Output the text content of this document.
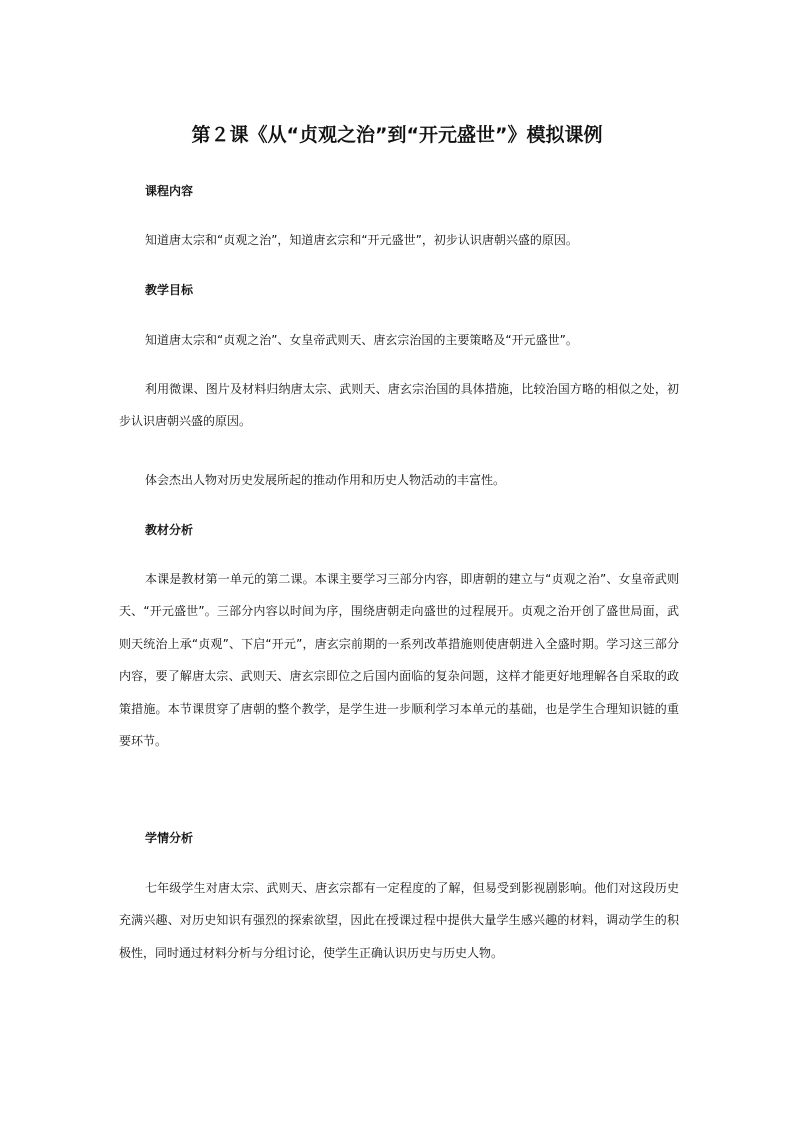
第２课《从“贞观之治”到“开元盛世”》模拟课例
课程内容
知道唐太宗和“贞观之治”，知道唐玄宗和“开元盛世”，初步认识唐朝兴盛的原因。
教学目标
知道唐太宗和“贞观之治”、女皇帝武则天、唐玄宗治国的主要策略及“开元盛世”。
利用微课、图片及材料归纳唐太宗、武则天、唐玄宗治国的具体措施，比较治国方略的相似之处，初步认识唐朝兴盛的原因。
体会杰出人物对历史发展所起的推动作用和历史人物活动的丰富性。
教材分析
本课是教材第一单元的第二课。本课主要学习三部分内容，即唐朝的建立与“贞观之治”、女皇帝武则天、“开元盛世”。三部分内容以时间为序，围绕唐朝走向盛世的过程展开。贞观之治开创了盛世局面，武则天统治上承“贞观”、下启“开元”，唐玄宗前期的一系列改革措施则使唐朝进入全盛时期。学习这三部分内容，要了解唐太宗、武则天、唐玄宗即位之后国内面临的复杂问题，这样才能更好地理解各自采取的政策措施。本节课贯穿了唐朝的整个教学，是学生进一步顺利学习本单元的基础，也是学生合理知识链的重要环节。
学情分析
七年级学生对唐太宗、武则天、唐玄宗都有一定程度的了解，但易受到影视剧影响。他们对这段历史充满兴趣、对历史知识有强烈的探索欲望，因此在授课过程中提供大量学生感兴趣的材料，调动学生的积极性，同时通过材料分析与分组讨论，使学生正确认识历史与历史人物。
